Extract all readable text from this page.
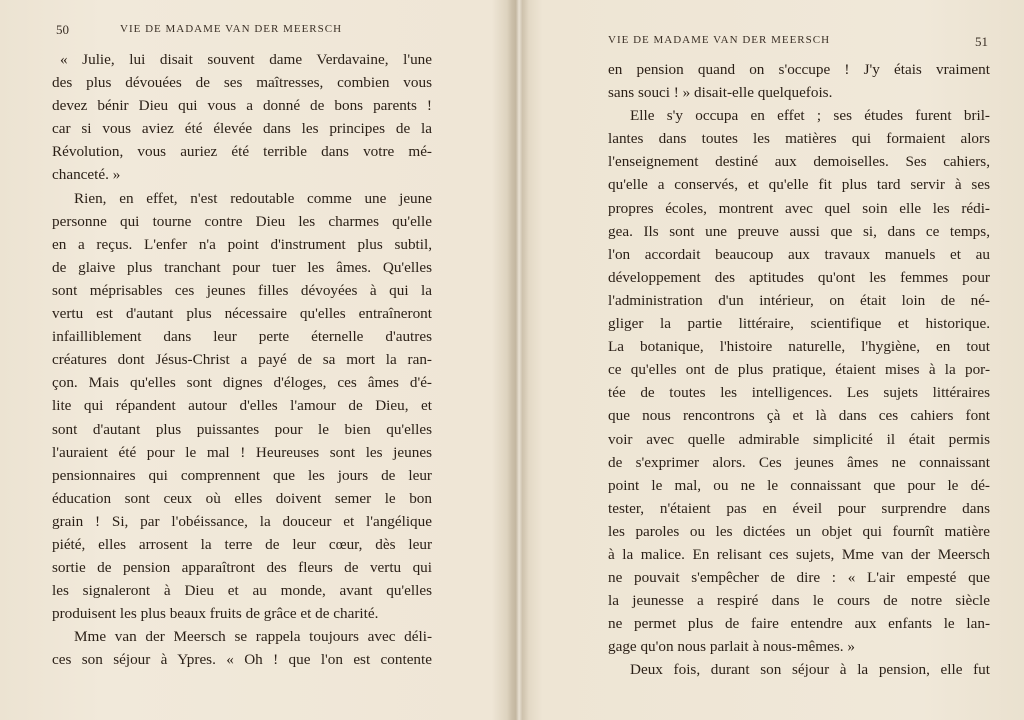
50	VIE DE MADAME VAN DER MEERSCH
« Julie, lui disait souvent dame Verdavaine, l'une
des plus dévouées de ses maîtresses, combien vous
devez bénir Dieu qui vous a donné de bons parents !
car si vous aviez été élevée dans les principes de la
Révolution, vous auriez été terrible dans votre mé-
chanceté. »
Rien, en effet, n'est redoutable comme une jeune
personne qui tourne contre Dieu les charmes qu'elle
en a reçus. L'enfer n'a point d'instrument plus subtil,
de glaive plus tranchant pour tuer les âmes. Qu'elles
sont méprisables ces jeunes filles dévoyées à qui la
vertu est d'autant plus nécessaire qu'elles entraîneront
infailliblement dans leur perte éternelle d'autres
créatures dont Jésus-Christ a payé de sa mort la ran-
çon. Mais qu'elles sont dignes d'éloges, ces âmes d'é-
lite qui répandent autour d'elles l'amour de Dieu, et
sont d'autant plus puissantes pour le bien qu'elles
l'auraient été pour le mal ! Heureuses sont les jeunes
pensionnaires qui comprennent que les jours de leur
éducation sont ceux où elles doivent semer le bon
grain ! Si, par l'obéissance, la douceur et l'angélique
piété, elles arrosent la terre de leur cœur, dès leur
sortie de pension apparaîtront des fleurs de vertu qui
les signaleront à Dieu et au monde, avant qu'elles
produisent les plus beaux fruits de grâce et de charité.
Mme van der Meersch se rappela toujours avec déli-
ces son séjour à Ypres. « Oh ! que l'on est contente
VIE DE MADAME VAN DER MEERSCH	51
en pension quand on s'occupe ! J'y étais vraiment
sans souci ! » disait-elle quelquefois.
Elle s'y occupa en effet ; ses études furent bril-
lantes dans toutes les matières qui formaient alors
l'enseignement destiné aux demoiselles. Ses cahiers,
qu'elle a conservés, et qu'elle fit plus tard servir à ses
propres écoles, montrent avec quel soin elle les rédi-
gea. Ils sont une preuve aussi que si, dans ce temps,
l'on accordait beaucoup aux travaux manuels et au
développement des aptitudes qu'ont les femmes pour
l'administration d'un intérieur, on était loin de né-
gliger la partie littéraire, scientifique et historique.
La botanique, l'histoire naturelle, l'hygiène, en tout
ce qu'elles ont de plus pratique, étaient mises à la por-
tée de toutes les intelligences. Les sujets littéraires
que nous rencontrons çà et là dans ces cahiers font
voir avec quelle admirable simplicité il était permis
de s'exprimer alors. Ces jeunes âmes ne connaissant
point le mal, ou ne le connaissant que pour le dé-
tester, n'étaient pas en éveil pour surprendre dans
les paroles ou les dictées un objet qui fournît matière
à la malice. En relisant ces sujets, Mme van der Meersch
ne pouvait s'empêcher de dire : « L'air empesté que
la jeunesse a respiré dans le cours de notre siècle
ne permet plus de faire entendre aux enfants le lan-
gage qu'on nous parlait à nous-mêmes. »
Deux fois, durant son séjour à la pension, elle fut
